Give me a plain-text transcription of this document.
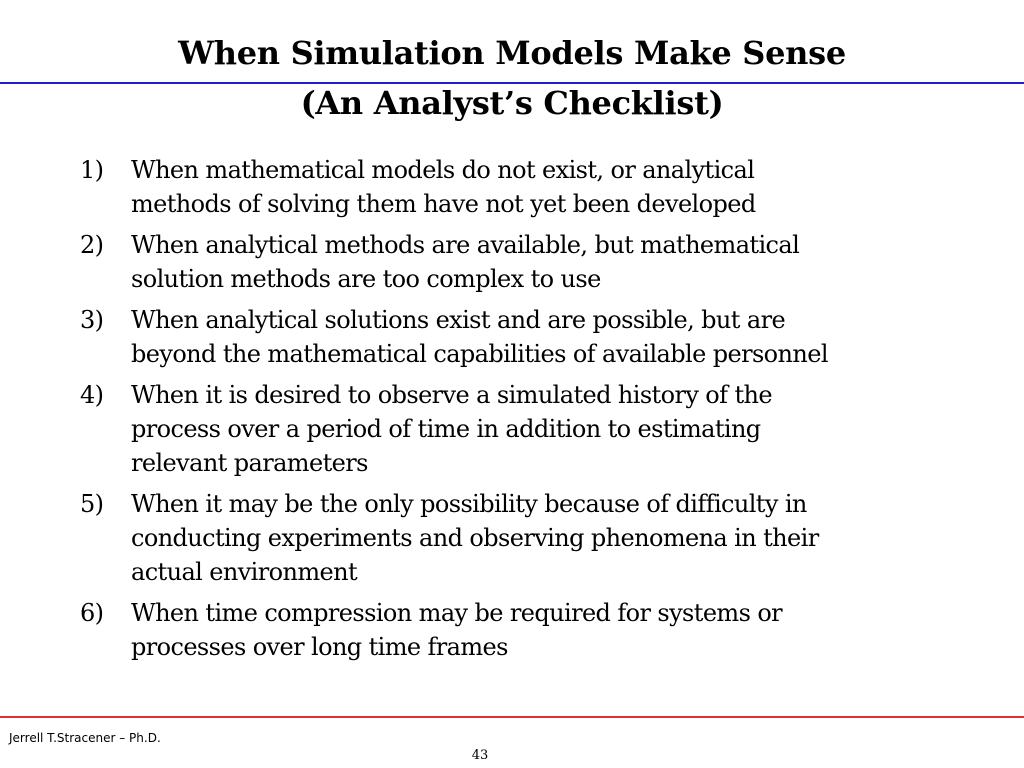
When Simulation Models Make Sense
(An Analyst’s Checklist)
1) When mathematical models do not exist, or analytical
methods of solving them have not yet been developed
2) When analytical methods are available, but mathematical
solution methods are too complex to use
3) When analytical solutions exist and are possible, but are
beyond the mathematical capabilities of available personnel
4) When it is desired to observe a simulated history of the
process over a period of time in addition to estimating
relevant parameters
5) When it may be the only possibility because of difficulty in
conducting experiments and observing phenomena in their
actual environment
6) When time compression may be required for systems or
processes over long time frames
Jerrell T.Stracener – Ph.D.
43
